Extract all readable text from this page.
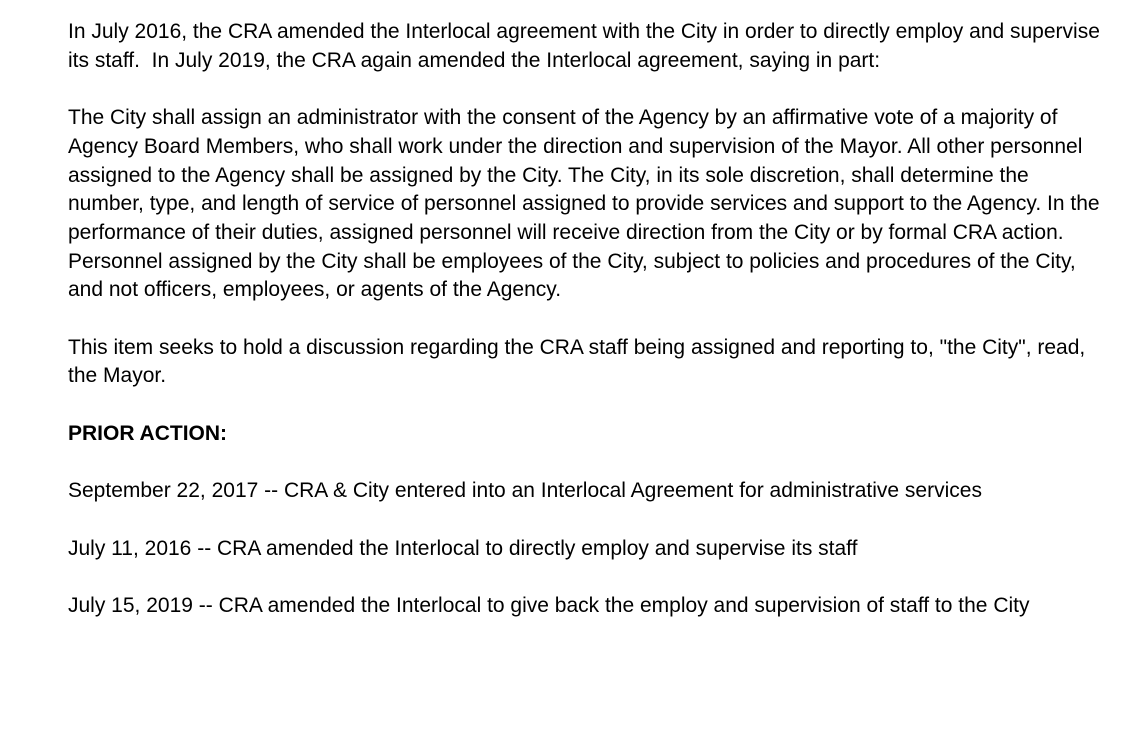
In July 2016, the CRA amended the Interlocal agreement with the City in order to directly employ and supervise its staff.  In July 2019, the CRA again amended the Interlocal agreement, saying in part:

The City shall assign an administrator with the consent of the Agency by an affirmative vote of a majority of Agency Board Members, who shall work under the direction and supervision of the Mayor. All other personnel assigned to the Agency shall be assigned by the City. The City, in its sole discretion, shall determine the number, type, and length of service of personnel assigned to provide services and support to the Agency. In the performance of their duties, assigned personnel will receive direction from the City or by formal CRA action. Personnel assigned by the City shall be employees of the City, subject to policies and procedures of the City, and not officers, employees, or agents of the Agency.

This item seeks to hold a discussion regarding the CRA staff being assigned and reporting to, "the City", read, the Mayor.

PRIOR ACTION:

September 22, 2017 -- CRA & City entered into an Interlocal Agreement for administrative services

July 11, 2016 -- CRA amended the Interlocal to directly employ and supervise its staff

July 15, 2019 -- CRA amended the Interlocal to give back the employ and supervision of staff to the City
